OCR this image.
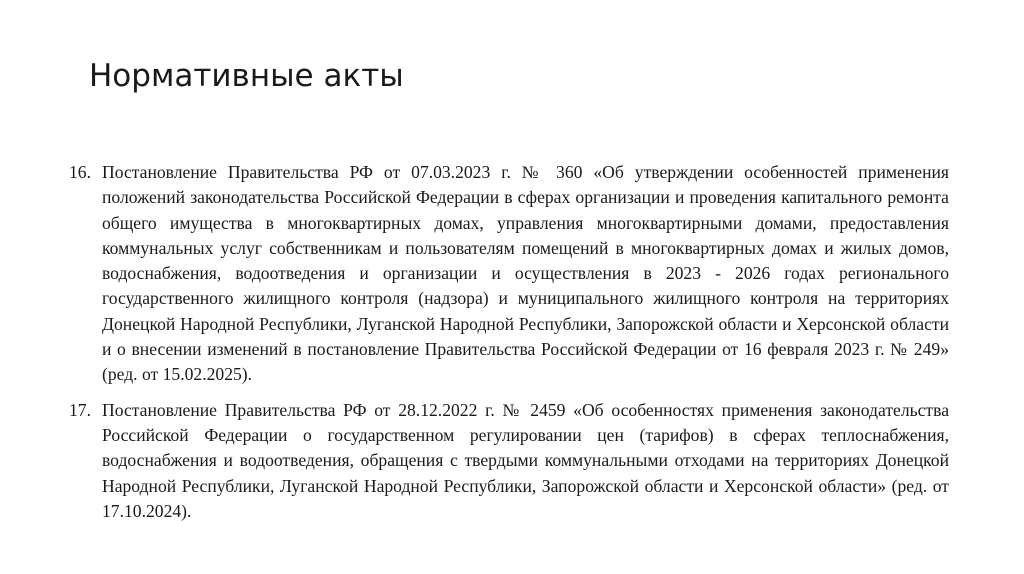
Нормативные акты
16. Постановление Правительства РФ от 07.03.2023 г. № 360 «Об утверждении особенностей применения положений законодательства Российской Федерации в сферах организации и проведения капитального ремонта общего имущества в многоквартирных домах, управления многоквартирными домами, предоставления коммунальных услуг собственникам и пользователям помещений в многоквартирных домах и жилых домов, водоснабжения, водоотведения и организации и осуществления в 2023 - 2026 годах регионального государственного жилищного контроля (надзора) и муниципального жилищного контроля на территориях Донецкой Народной Республики, Луганской Народной Республики, Запорожской области и Херсонской области и о внесении изменений в постановление Правительства Российской Федерации от 16 февраля 2023 г. № 249» (ред. от 15.02.2025).
17. Постановление Правительства РФ от 28.12.2022 г. № 2459 «Об особенностях применения законодательства Российской Федерации о государственном регулировании цен (тарифов) в сферах теплоснабжения, водоснабжения и водоотведения, обращения с твердыми коммунальными отходами на территориях Донецкой Народной Республики, Луганской Народной Республики, Запорожской области и Херсонской области» (ред. от 17.10.2024).
